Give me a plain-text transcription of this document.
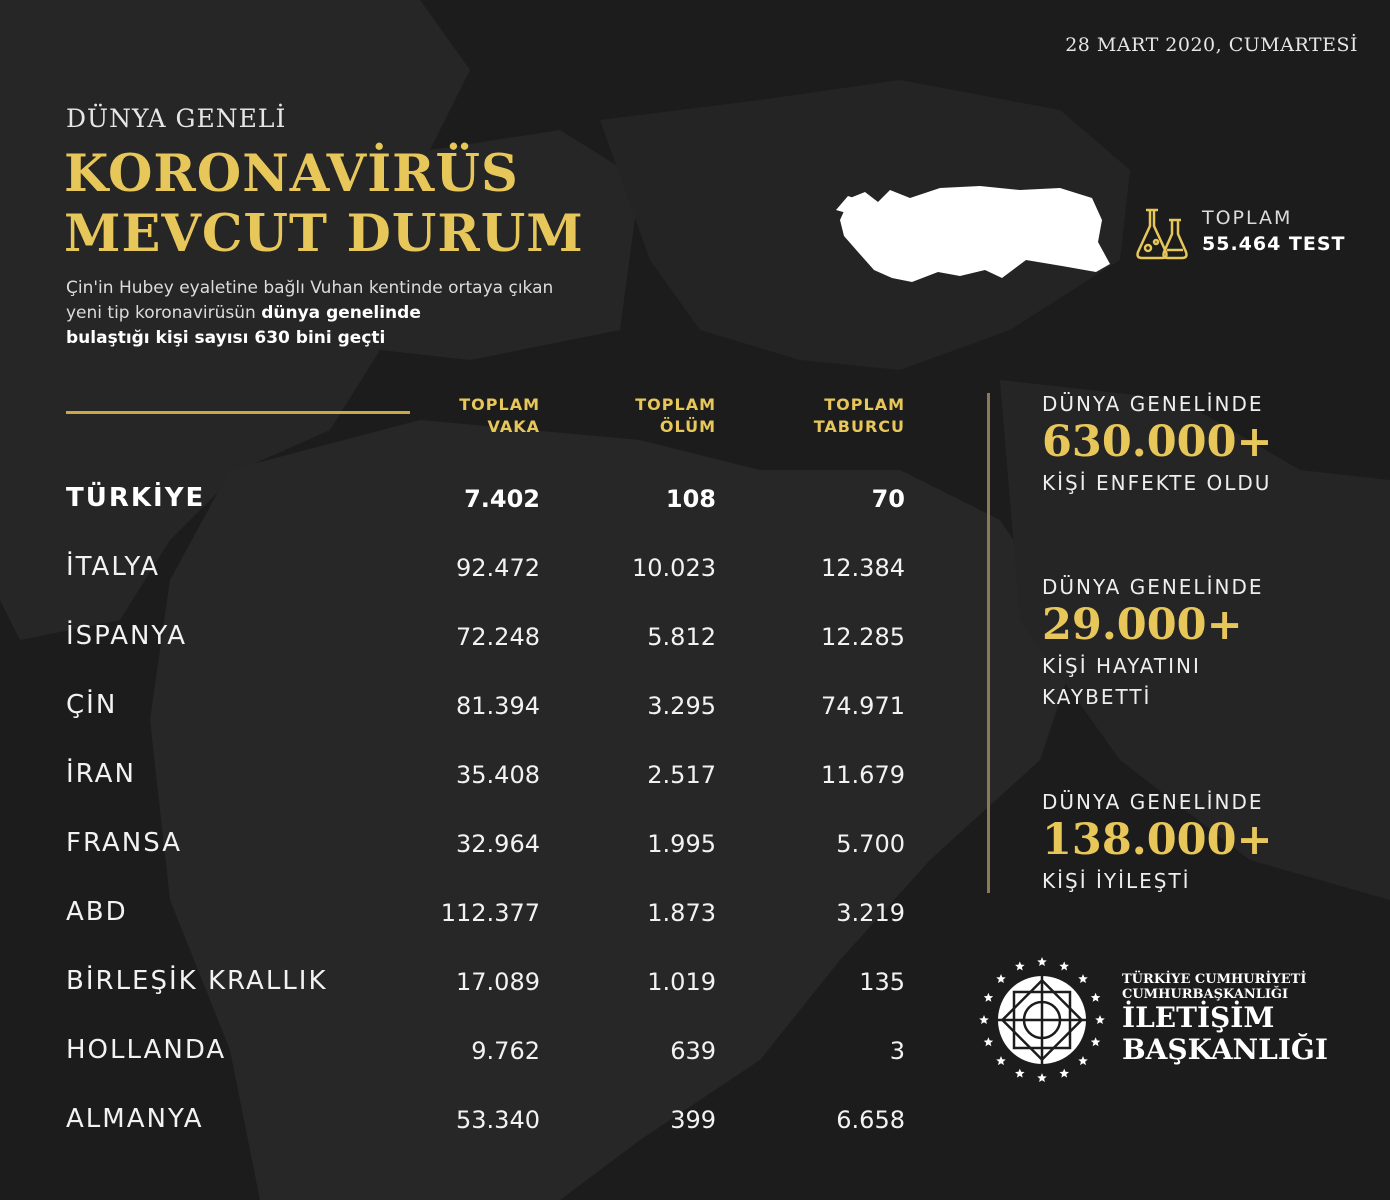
28 MART 2020, CUMARTESİ
DÜNYA GENELİ
KORONAVİRÜS
MEVCUT DURUM
Çin'in Hubey eyaletine bağlı Vuhan kentinde ortaya çıkan yeni tip koronavirüsün dünya genelinde
bulaştığı kişi sayısı 630 bini geçti
TOPLAM
55.464 TEST
TOPLAM
VAKA
TOPLAM
ÖLÜM
TOPLAM
TABURCU
TÜRKİYE	7.402	108	70
İTALYA	92.472	10.023	12.384
İSPANYA	72.248	5.812	12.285
ÇİN	81.394	3.295	74.971
İRAN	35.408	2.517	11.679
FRANSA	32.964	1.995	5.700
ABD	112.377	1.873	3.219
BİRLEŞİK KRALLIK	17.089	1.019	135
HOLLANDA	9.762	639	3
ALMANYA	53.340	399	6.658
DÜNYA GENELİNDE
630.000+
KİŞİ ENFEKTE OLDU
DÜNYA GENELİNDE
29.000+
KİŞİ HAYATINI
KAYBETTİ
DÜNYA GENELİNDE
138.000+
KİŞİ İYİLEŞTİ
TÜRKİYE CUMHURİYETİ
CUMHURBAŞKANLIĞI
İLETİŞİM
BAŞKANLIĞI
